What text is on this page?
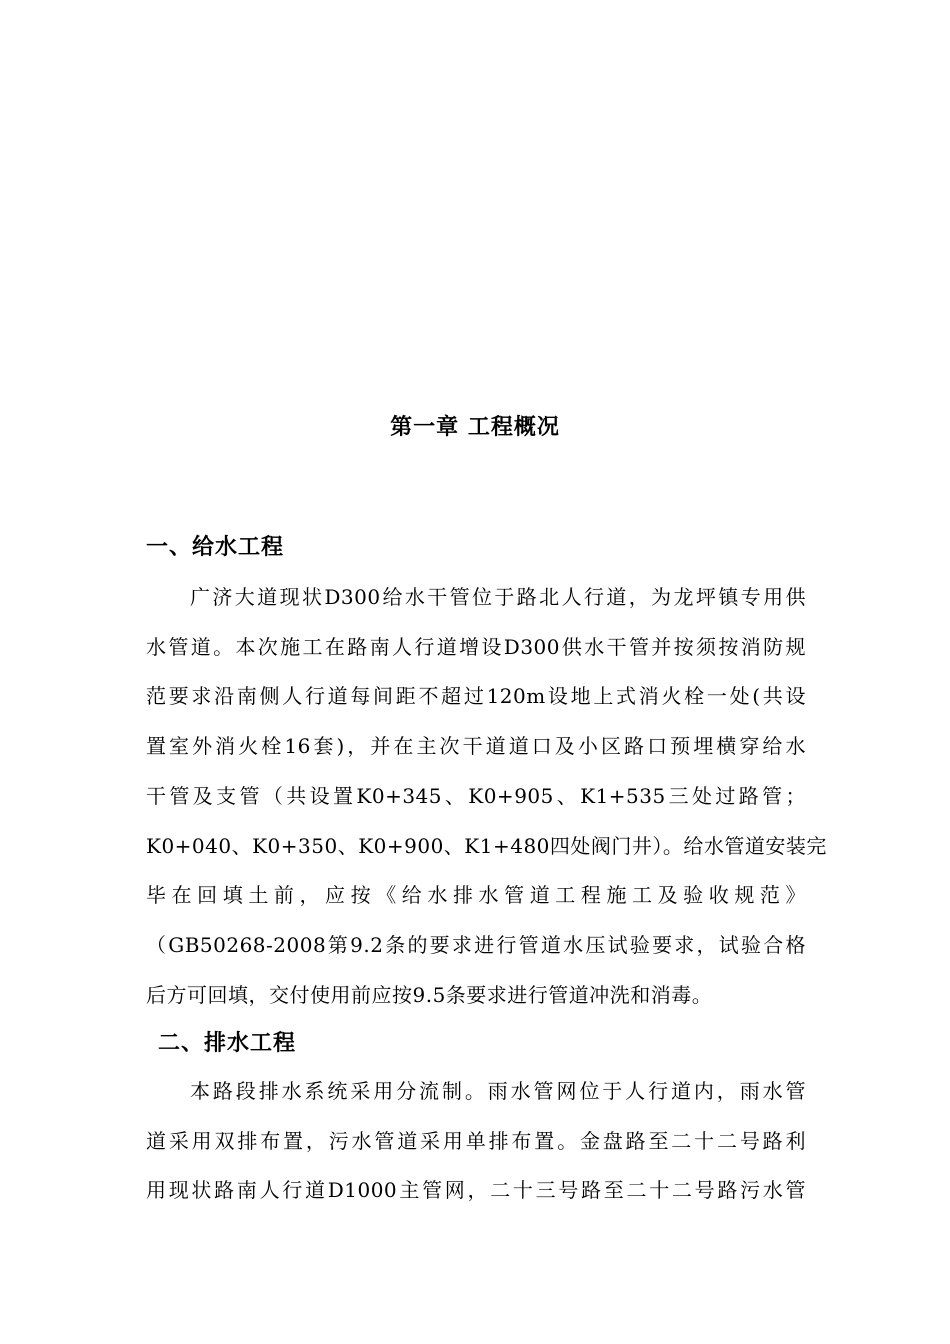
第一章 工程概况
一、给水工程
广济大道现状D300给水干管位于路北人行道，为龙坪镇专用供
水管道。本次施工在路南人行道增设D300供水干管并按须按消防规
范要求沿南侧人行道每间距不超过120m设地上式消火栓一处(共设
置室外消火栓16套)，并在主次干道道口及小区路口预埋横穿给水
干管及支管（共设置K0+345、K0+905、K1+535三处过路管；
K0+040、K0+350、K0+900、K1+480四处阀门井）。给水管道安装完
毕在回填土前，应按《给水排水管道工程施工及验收规范》
（GB50268-2008第9.2条的要求进行管道水压试验要求，试验合格
后方可回填，交付使用前应按9.5条要求进行管道冲洗和消毒。
二、排水工程
本路段排水系统采用分流制。雨水管网位于人行道内，雨水管
道采用双排布置，污水管道采用单排布置。金盘路至二十二号路利
用现状路南人行道D1000主管网，二十三号路至二十二号路污水管
